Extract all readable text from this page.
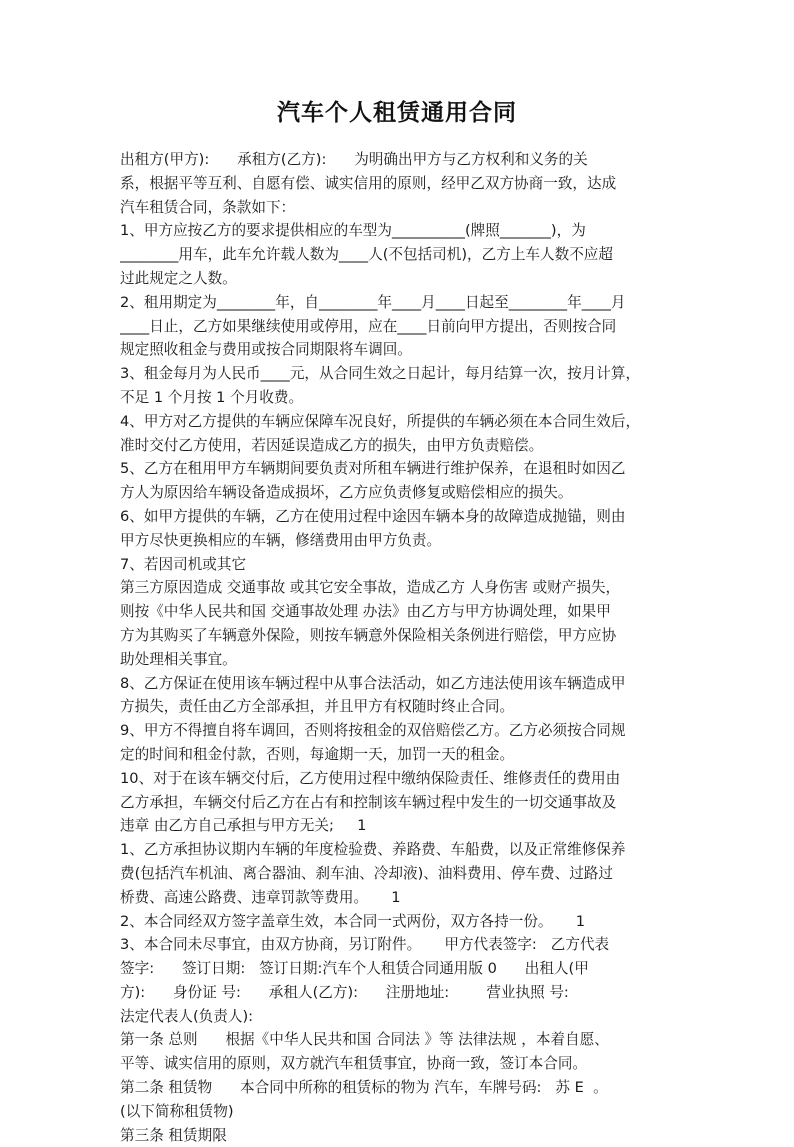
汽车个人租赁通用合同
出租方(甲方):      承租方(乙方):      为明确出甲方与乙方权利和义务的关
系，根据平等互利、自愿有偿、诚实信用的原则，经甲乙双方协商一致，达成
汽车租赁合同，条款如下：
1、甲方应按乙方的要求提供相应的车型为__________(牌照_______)，为
________用车，此车允许载人数为____人(不包括司机)，乙方上车人数不应超
过此规定之人数。
2、租用期定为________年，自________年____月____日起至________年____月
____日止，乙方如果继续使用或停用，应在____日前向甲方提出，否则按合同
规定照收租金与费用或按合同期限将车调回。
3、租金每月为人民币____元，从合同生效之日起计，每月结算一次，按月计算，
不足 1 个月按 1 个月收费。
4、甲方对乙方提供的车辆应保障车况良好，所提供的车辆必须在本合同生效后，
准时交付乙方使用，若因延误造成乙方的损失，由甲方负责赔偿。
5、乙方在租用甲方车辆期间要负责对所租车辆进行维护保养，在退租时如因乙
方人为原因给车辆设备造成损坏，乙方应负责修复或赔偿相应的损失。
6、如甲方提供的车辆，乙方在使用过程中途因车辆本身的故障造成抛锚，则由
甲方尽快更换相应的车辆，修缮费用由甲方负责。
7、若因司机或其它
第三方原因造成 交通事故 或其它安全事故，造成乙方 人身伤害 或财产损失，
则按《中华人民共和国 交通事故处理 办法》由乙方与甲方协调处理，如果甲
方为其购买了车辆意外保险，则按车辆意外保险相关条例进行赔偿，甲方应协
助处理相关事宜。
8、乙方保证在使用该车辆过程中从事合法活动，如乙方违法使用该车辆造成甲
方损失，责任由乙方全部承担，并且甲方有权随时终止合同。
9、甲方不得擅自将车调回，否则将按租金的双倍赔偿乙方。乙方必须按合同规
定的时间和租金付款，否则，每逾期一天，加罚一天的租金。
10、对于在该车辆交付后，乙方使用过程中缴纳保险责任、维修责任的费用由
乙方承担，车辆交付后乙方在占有和控制该车辆过程中发生的一切交通事故及
违章 由乙方自己承担与甲方无关;     1
1、乙方承担协议期内车辆的年度检验费、养路费、车船费，以及正常维修保养
费(包括汽车机油、离合器油、刹车油、冷却液)、油料费用、停车费、过路过
桥费、高速公路费、违章罚款等费用。     1
2、本合同经双方签字盖章生效，本合同一式两份，双方各持一份。     1
3、本合同未尽事宜，由双方协商，另订附件。     甲方代表签字:   乙方代表
签字:      签订日期:   签订日期:汽车个人租赁合同通用版 0      出租人(甲
方):      身份证 号:      承租人(乙方):      注册地址:        营业执照 号:
法定代表人(负责人):
第一条 总则      根据《中华人民共和国 合同法 》等 法律法规 ，本着自愿、
平等、诚实信用的原则，双方就汽车租赁事宜，协商一致，签订本合同。
第二条 租赁物      本合同中所称的租赁标的物为 汽车，车牌号码:   苏 E  。
(以下简称租赁物)
第三条 租赁期限
